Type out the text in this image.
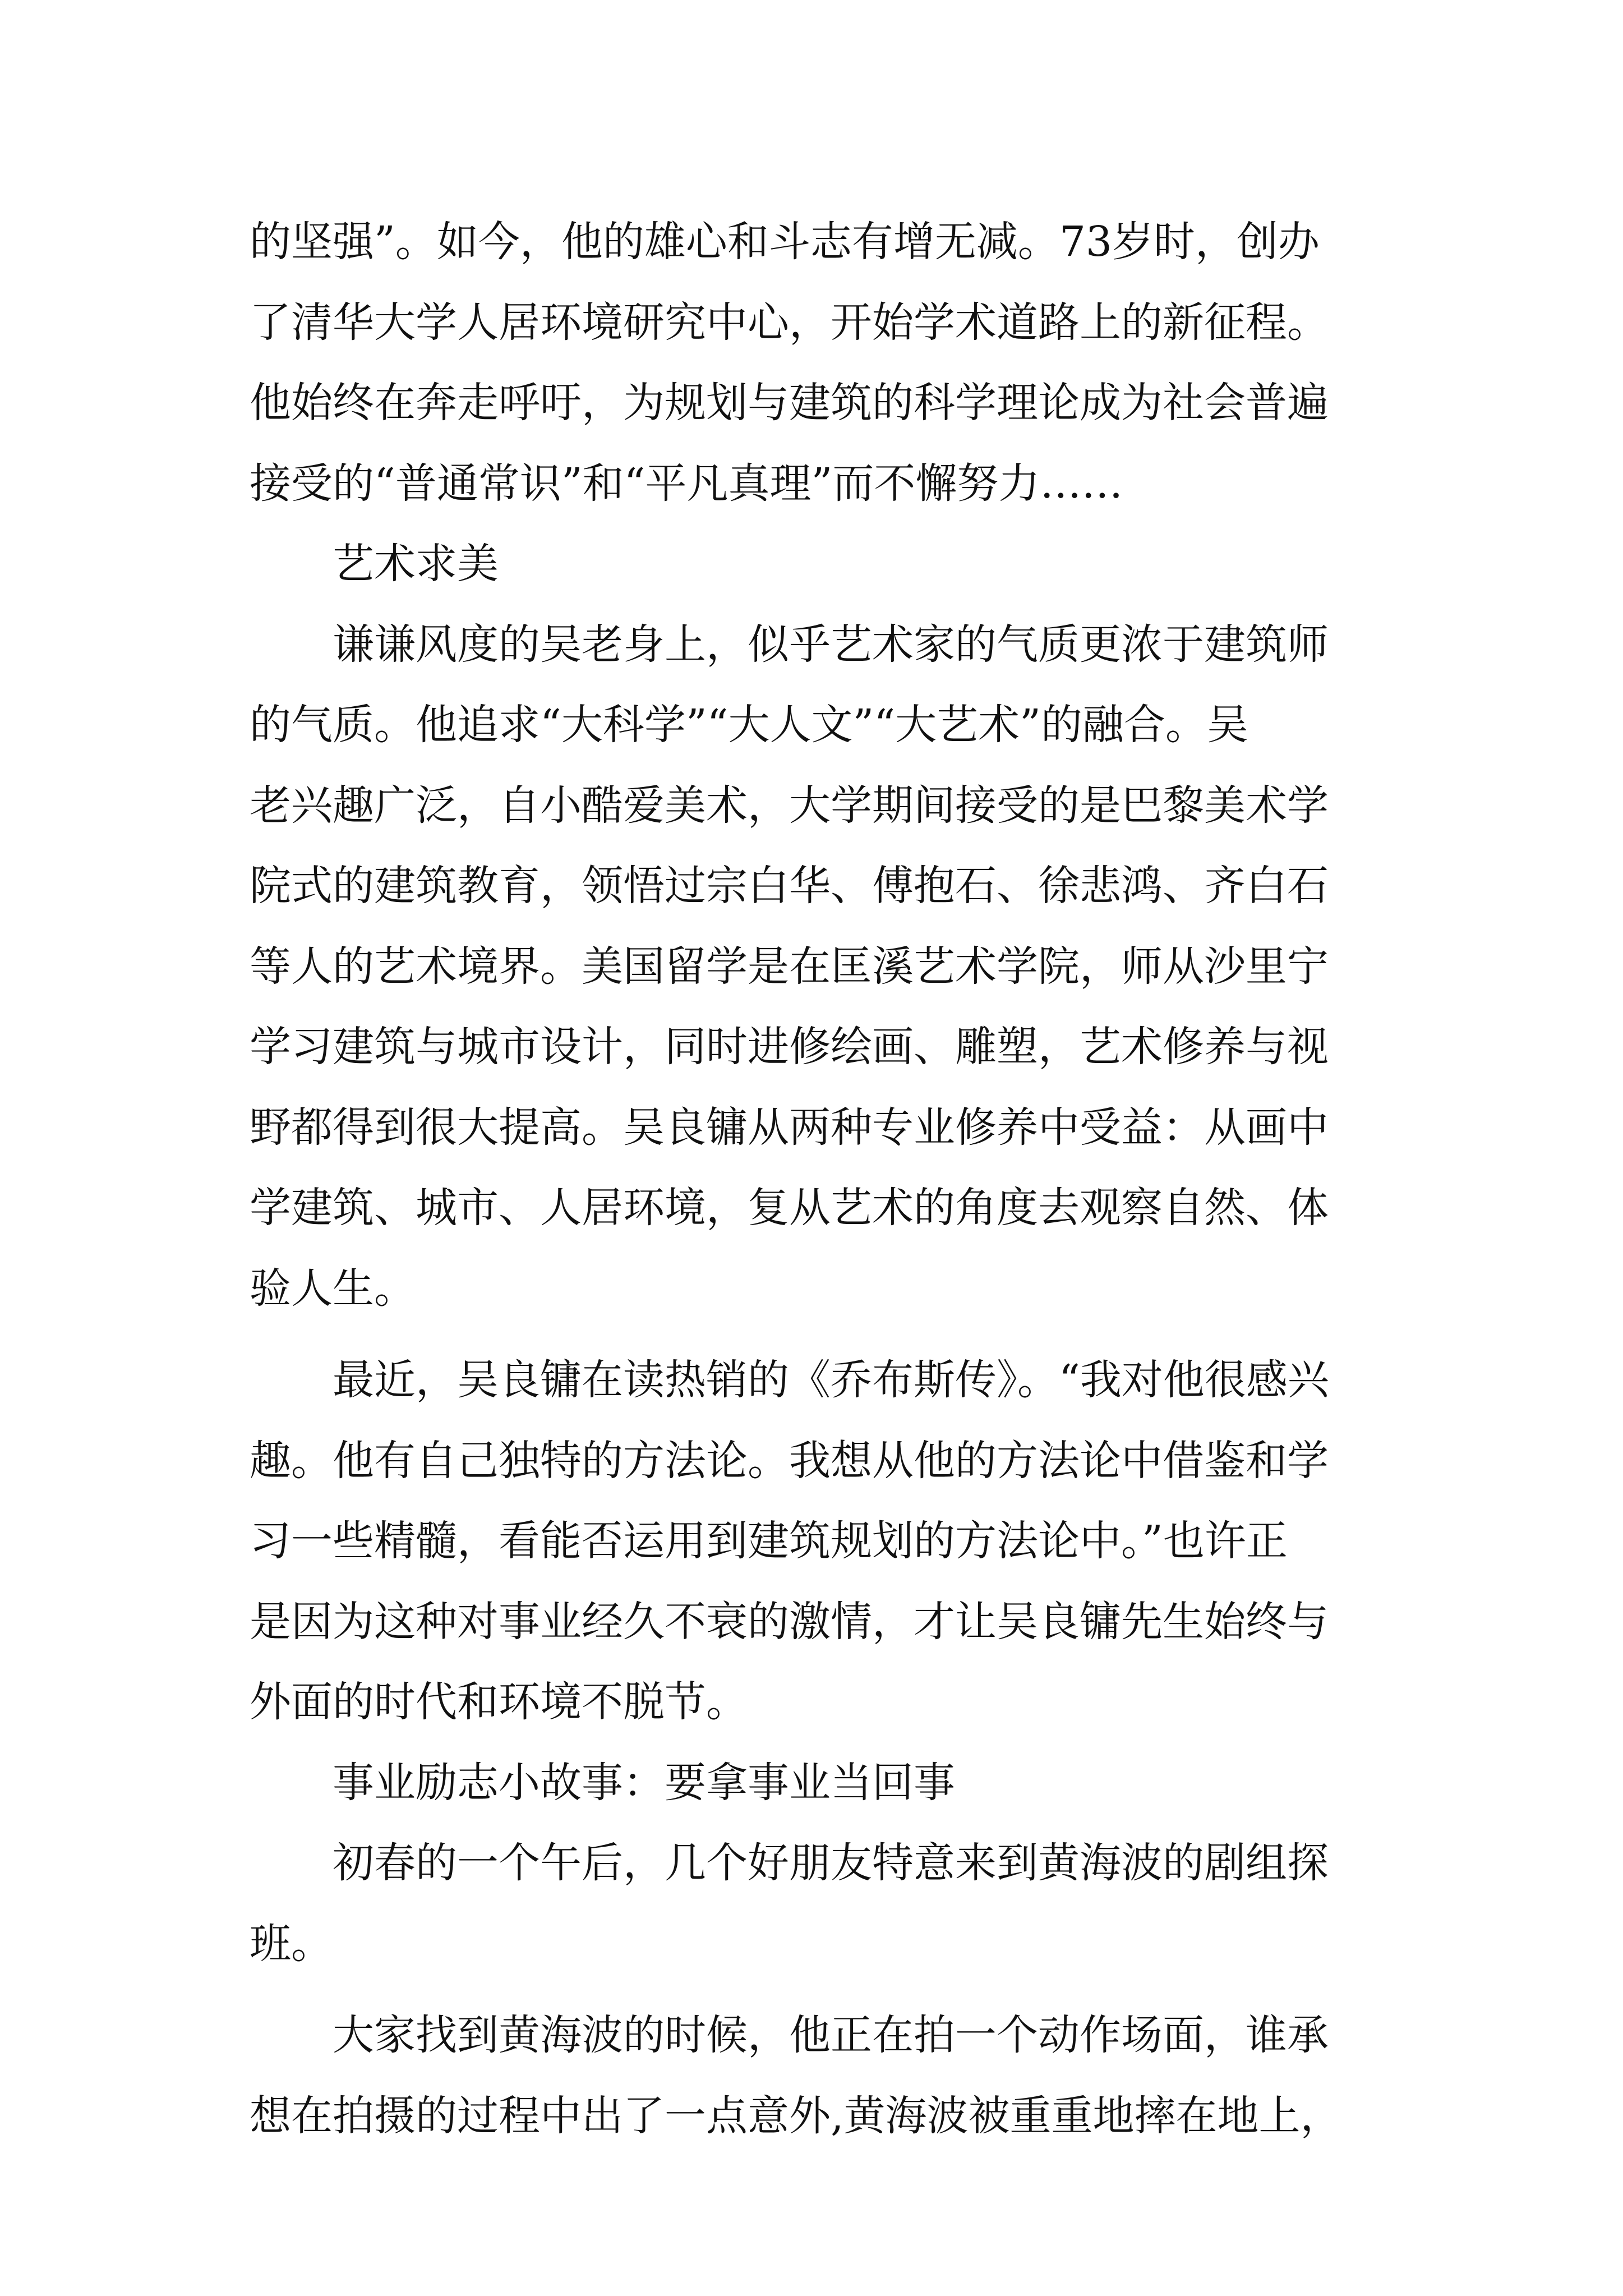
的坚强”。如今，他的雄心和斗志有增无减。73岁时，创办
了清华大学人居环境研究中心，开始学术道路上的新征程。
他始终在奔走呼吁，为规划与建筑的科学理论成为社会普遍
接受的“普通常识”和“平凡真理”而不懈努力……
艺术求美
谦谦风度的吴老身上，似乎艺术家的气质更浓于建筑师
的气质。他追求“大科学”“大人文”“大艺术”的融合。吴
老兴趣广泛，自小酷爱美术，大学期间接受的是巴黎美术学
院式的建筑教育，领悟过宗白华、傅抱石、徐悲鸿、齐白石
等人的艺术境界。美国留学是在匡溪艺术学院，师从沙里宁
学习建筑与城市设计，同时进修绘画、雕塑，艺术修养与视
野都得到很大提高。吴良镛从两种专业修养中受益：从画中
学建筑、城市、人居环境，复从艺术的角度去观察自然、体
验人生。
最近，吴良镛在读热销的《乔布斯传》。“我对他很感兴
趣。他有自己独特的方法论。我想从他的方法论中借鉴和学
习一些精髓，看能否运用到建筑规划的方法论中。”也许正
是因为这种对事业经久不衰的激情，才让吴良镛先生始终与
外面的时代和环境不脱节。
事业励志小故事：要拿事业当回事
初春的一个午后，几个好朋友特意来到黄海波的剧组探
班。
大家找到黄海波的时候，他正在拍一个动作场面，谁承
想在拍摄的过程中出了一点意外,黄海波被重重地摔在地上，
